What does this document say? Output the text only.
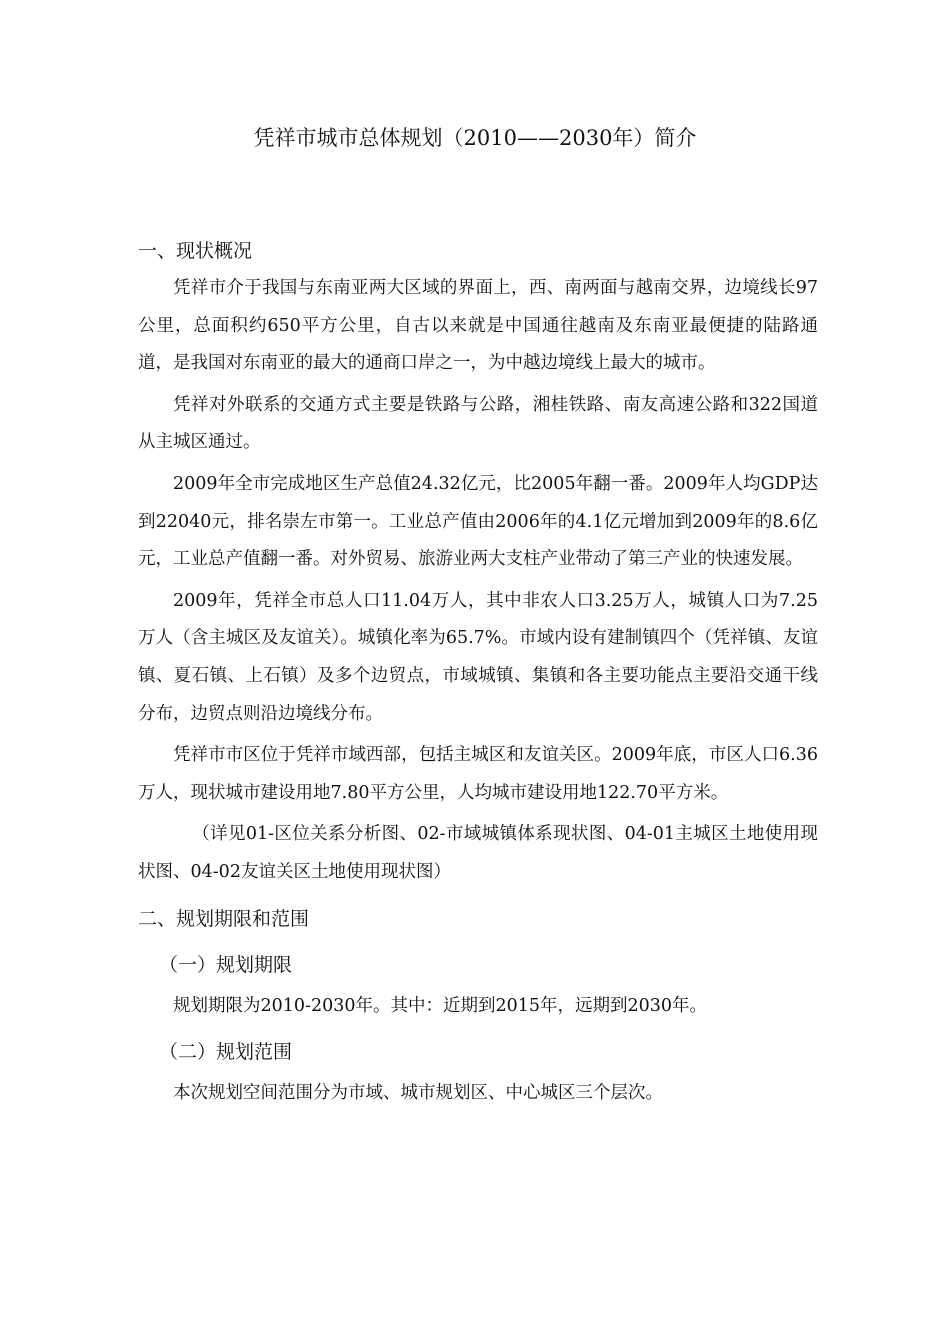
凭祥市城市总体规划（2010——2030年）简介
一、现状概况

凭祥市介于我国与东南亚两大区域的界面上，西、南两面与越南交界，边境线长97公里，总面积约650平方公里，自古以来就是中国通往越南及东南亚最便捷的陆路通道，是我国对东南亚的最大的通商口岸之一，为中越边境线上最大的城市。

凭祥对外联系的交通方式主要是铁路与公路，湘桂铁路、南友高速公路和322国道从主城区通过。

2009年全市完成地区生产总值24.32亿元，比2005年翻一番。2009年人均GDP达到22040元，排名崇左市第一。工业总产值由2006年的4.1亿元增加到2009年的8.6亿元，工业总产值翻一番。对外贸易、旅游业两大支柱产业带动了第三产业的快速发展。

2009年，凭祥全市总人口11.04万人，其中非农人口3.25万人，城镇人口为7.25万人（含主城区及友谊关）。城镇化率为65.7%。市域内设有建制镇四个（凭祥镇、友谊镇、夏石镇、上石镇）及多个边贸点，市域城镇、集镇和各主要功能点主要沿交通干线分布，边贸点则沿边境线分布。

凭祥市市区位于凭祥市域西部，包括主城区和友谊关区。2009年底，市区人口6.36万人，现状城市建设用地7.80平方公里，人均城市建设用地122.70平方米。

（详见01-区位关系分析图、02-市域城镇体系现状图、04-01主城区土地使用现状图、04-02友谊关区土地使用现状图）

二、规划期限和范围
（一）规划期限

规划期限为2010-2030年。其中：近期到2015年，远期到2030年。

（二）规划范围

本次规划空间范围分为市域、城市规划区、中心城区三个层次。
